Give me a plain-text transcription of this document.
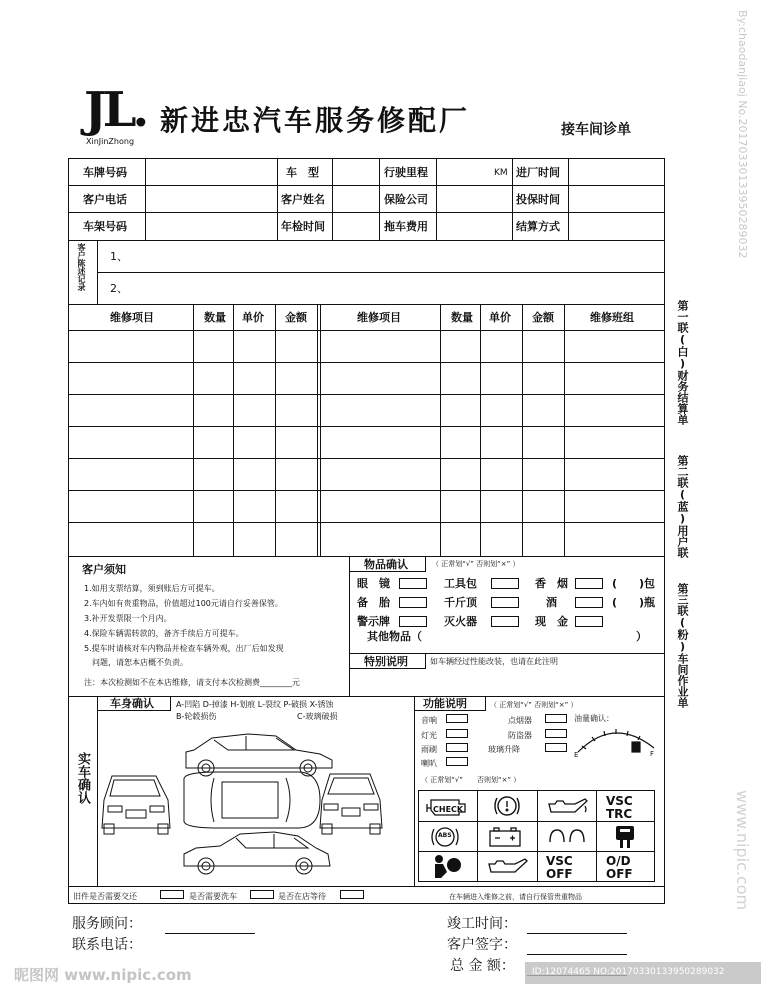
JL.
XinJinZhong
新进忠汽车服务修配厂	接车间诊单
车牌号码	车　型	行驶里程	KM 进厂时间
客户电话	客户姓名	保险公司	投保时间
车架号码	年检时间	拖车费用	结算方式
客户陈述记录 1、
2、
维修项目	数量 单价 金额	维修项目	数量 单价 金额	维修班组
客户须知
1.如用支票结算，须到账后方可提车。
2.车内如有贵重物品，价值超过100元请自行妥善保管。
3.补开发票限一个月内。
4.保险车辆需转款的，备齐手续后方可提车。
5.提车时请核对车内物品并检查车辆外观，出厂后如发现
问题，请恕本店概不负责。
注：本次检测如不在本店维修，请支付本次检测费________元
物品确认	（ 正常划“√” 否则划“×” ）
眼　镜	工具包	香　烟	(　　)包
备　胎	千斤顶	酒	(　　)瓶
警示牌	灭火器	现　金
其他物品（	）
特别说明	如车辆经过性能改装，也请在此注明
实车确认
车身确认	A-凹陷 D-掉漆 H-划痕 L-裂纹 P-破损 X-锈蚀
B-轮毂损伤	C-玻璃破损
功能说明	（ 正常划“√” 否则划“×” ）
音响
灯光
雨刷
喇叭
点烟器
防盗器
玻璃升降
油量确认：
E	F
（ 正常划“√”　　否则划“×” ）
CHECK
VSC
TRC
ABS
VSC
OFF
O/D
OFF
旧件是否需要交还	是否需要洗车	是否在店等待	在车辆进入维修之前，请自行保管贵重物品
服务顾问：
联系电话：
竣工时间：
客户签字：
总 金 额：
第一联(白)财务结算单
第二联(蓝)用户联
第三联(粉)车间作业单
By:chaodanjiaoj No.20170330133950289032
www.nipic.com
昵图网 www.nipic.com	ID:12074465 NO:20170330133950289032
